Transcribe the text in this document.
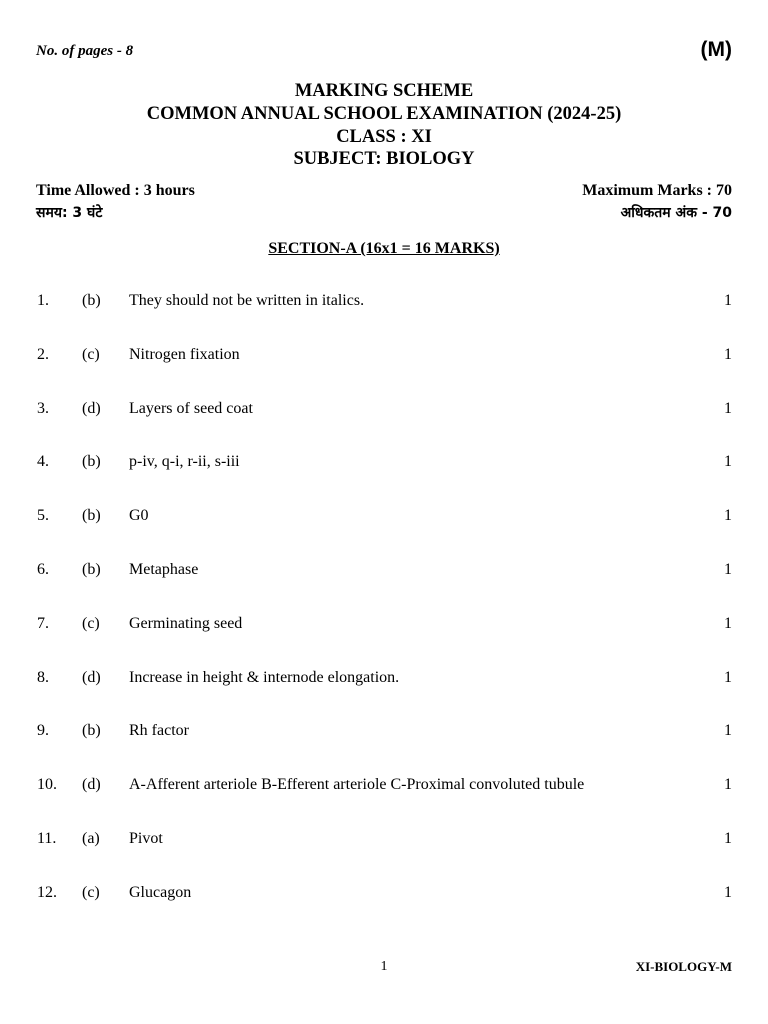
No. of pages - 8	(M)
MARKING SCHEME
COMMON ANNUAL SCHOOL EXAMINATION (2024-25)
CLASS : XI
SUBJECT: BIOLOGY
Time Allowed : 3 hours	Maximum Marks : 70
समय: 3 घंटे	अधिकतम अंक - 70
SECTION-A (16x1 = 16 MARKS)
1. (b) They should not be written in italics.	1
2. (c) Nitrogen fixation	1
3. (d) Layers of seed coat	1
4. (b) p-iv, q-i, r-ii, s-iii	1
5. (b) G0	1
6. (b) Metaphase	1
7. (c) Germinating seed	1
8. (d) Increase in height & internode elongation.	1
9. (b) Rh factor	1
10. (d) A-Afferent arteriole B-Efferent arteriole C-Proximal convoluted tubule	1
11. (a) Pivot	1
12. (c) Glucagon	1
1	XI-BIOLOGY-M
